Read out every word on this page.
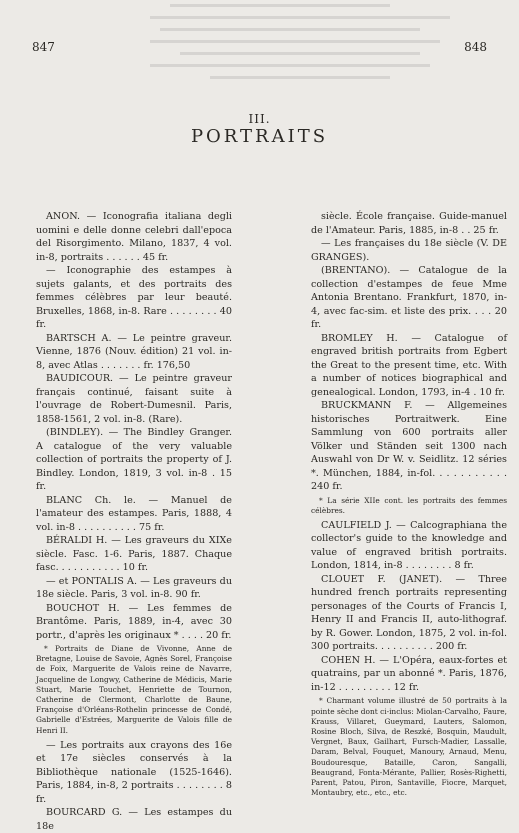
847	848
III.
PORTRAITS

ANON. — Iconografia italiana degli uomini e delle donne celebri dall'epoca del Risorgimento. Milano, 1837, 4 vol. in-8, portraits . . . . . . 45 fr.

— Iconographie des estampes à sujets galants, et des portraits des femmes célèbres par leur beauté. Bruxelles, 1868, in-8. Rare . . . . . . . . 40 fr.

BARTSCH A. — Le peintre graveur. Vienne, 1876 (Nouv. édition) 21 vol. in-8, avec Atlas . . . . . . . fr. 176,50

BAUDICOUR. — Le peintre graveur français continué, faisant suite à l'ouvrage de Robert-Dumesnil. Paris, 1858-1561, 2 vol. in-8. (Rare).

(BINDLEY). — The Bindley Granger. A catalogue of the very valuable collection of portraits the property of J. Bindley. London, 1819, 3 vol. in-8 . 15 fr.

BLANC Ch. le. — Manuel de l'amateur des estampes. Paris, 1888, 4 vol. in-8 . . . . . . . . . . 75 fr.

BÉRALDI H. — Les graveurs du XIXe siècle. Fasc. 1-6. Paris, 1887. Chaque fasc. . . . . . . . . . . 10 fr.

— et PONTALIS A. — Les graveurs du 18e siècle. Paris, 3 vol. in-8. 90 fr.

BOUCHOT H. — Les femmes de Brantôme. Paris, 1889, in-4, avec 30 portr., d'après les originaux * . . . . 20 fr.

* Portraits de Diane de Vivonne, Anne de Bretagne, Louise de Savoie, Agnès Sorel, Françoise de Foix, Marguerite de Valois reine de Navarre, Jacqueline de Longwy, Catherine de Médicis, Marie Stuart, Marie Touchet, Henriette de Tournon, Catherine de Clermont, Charlotte de Baune, Françoise d'Orléans-Rothelin princesse de Condé, Gabrielle d'Estrées, Marguerite de Valois fille de Henri II.

— Les portraits aux crayons des 16e et 17e siècles conservés à la Bibliothèque nationale (1525-1646). Paris, 1884, in-8, 2 portraits . . . . . . . . 8 fr.

BOURCARD G. — Les estampes du 18e

siècle. École française. Guide-manuel de l'Amateur. Paris, 1885, in-8 . . 25 fr.

— Les françaises du 18e siècle (V. DE GRANGES).

(BRENTANO). — Catalogue de la collection d'estampes de feue Mme Antonia Brentano. Frankfurt, 1870, in-4, avec fac-sim. et liste des prix. . . . 20 fr.

BROMLEY H. — Catalogue of engraved british portraits from Egbert the Great to the present time, etc. With a number of notices biographical and genealogical. London, 1793, in-4 . 10 fr.

BRUCKMANN F. — Allgemeines historisches Portraitwerk. Eine Sammlung von 600 portraits aller Völker und Ständen seit 1300 nach Auswahl von Dr W. v. Seidlitz. 12 séries *. München, 1884, in-fol. . . . . . . . . . . 240 fr.

* La série XIIe cont. les portraits des femmes célèbres.

CAULFIELD J. — Calcographiana the collector's guide to the knowledge and value of engraved british portraits. London, 1814, in-8 . . . . . . . . 8 fr.

CLOUET F. (JANET). — Three hundred french portraits representing personages of the Courts of Francis I, Henry II and Francis II, auto-lithograf. by R. Gower. London, 1875, 2 vol. in-fol. 300 portraits. . . . . . . . . . 200 fr.

COHEN H. — L'Opéra, eaux-fortes et quatrains, par un abonné *. Paris, 1876, in-12 . . . . . . . . . 12 fr.

* Charmant volume illustré de 50 portraits à la pointe sèche dont ci-inclus: Miolan-Carvalho, Faure, Krauss, Villaret, Gueymard, Lauters, Salomon, Rosine Bloch, Silva, de Reszké, Bosquin, Maudult, Vergnet, Baux, Gailhart, Fursch-Madier, Lassalle, Daram, Belval, Fouquet, Manoury, Arnaud, Menu, Boudouresque, Bataille, Caron, Sangalli, Beaugrand, Fonta-Mérante, Pallier, Rosès-Righetti, Parent, Patou, Piron, Santaville, Fiocre, Marquet, Montaubry, etc., etc., etc.
